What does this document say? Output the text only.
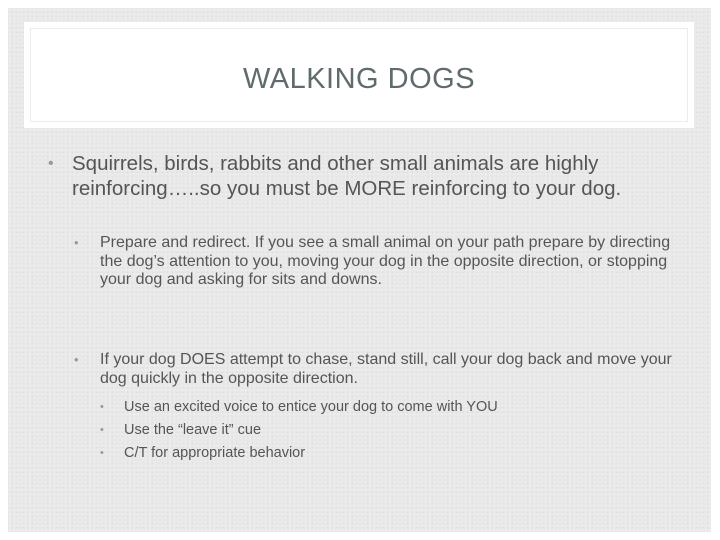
WALKING DOGS
• Squirrels, birds, rabbits and other small animals are highly reinforcing…..so you must be MORE reinforcing to your dog.
•	Prepare and redirect. If you see a small animal on your path prepare by directing the dog’s attention to you, moving your dog in the opposite direction, or stopping your dog and asking for sits and downs.
•	If your dog DOES attempt to chase, stand still, call your dog back and move your dog quickly in the opposite direction.
•	Use an excited voice to entice your dog to come with YOU
•	Use the “leave it” cue
•	C/T for appropriate behavior
